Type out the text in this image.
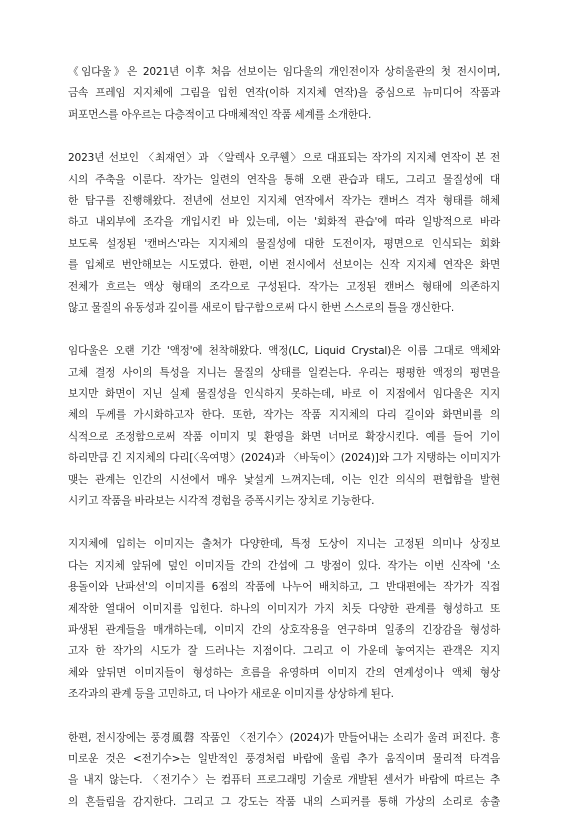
《임다울》은 2021년 이후 처음 선보이는 임다울의 개인전이자 상히울관의 첫 전시이며,
금속 프레임 지지체에 그림을 입힌 연작(이하 지지체 연작)을 중심으로 뉴미디어 작품과
퍼포먼스를 아우르는 다층적이고 다매체적인 작품 세계를 소개한다.
2023년 선보인 〈최재연〉과 〈알렉사 오쿠웰〉으로 대표되는 작가의 지지체 연작이 본 전
시의 주축을 이룬다. 작가는 일련의 연작을 통해 오랜 관습과 태도, 그리고 물질성에 대
한 탐구를 진행해왔다. 전년에 선보인 지지체 연작에서 작가는 캔버스 격자 형태를 해체
하고 내외부에 조각을 개입시킨 바 있는데, 이는 '회화적 관습'에 따라 일방적으로 바라
보도록 설정된 '캔버스'라는 지지체의 물질성에 대한 도전이자, 평면으로 인식되는 회화
를 입체로 번안해보는 시도였다. 한편, 이번 전시에서 선보이는 신작 지지체 연작은 화면
전체가 흐르는 액상 형태의 조각으로 구성된다. 작가는 고정된 캔버스 형태에 의존하지
않고 물질의 유동성과 깊이를 새로이 탐구함으로써 다시 한번 스스로의 틀을 갱신한다.
임다울은 오랜 기간 '액정'에 천착해왔다. 액정(LC, Liquid Crystal)은 이름 그대로 액체와
고체 결정 사이의 특성을 지니는 물질의 상태를 일컫는다. 우리는 평평한 액정의 평면을
보지만 화면이 지닌 실제 물질성을 인식하지 못하는데, 바로 이 지점에서 임다울은 지지
체의 두께를 가시화하고자 한다. 또한, 작가는 작품 지지체의 다리 길이와 화면비를 의
식적으로 조정함으로써 작품 이미지 및 환영을 화면 너머로 확장시킨다. 예를 들어 기이
하리만큼 긴 지지체의 다리[〈옥여명〉(2024)과 〈바둑이〉(2024)]와 그가 지탱하는 이미지가
맺는 관계는 인간의 시선에서 매우 낯설게 느껴지는데, 이는 인간 의식의 편협함을 발현
시키고 작품을 바라보는 시각적 경험을 증폭시키는 장치로 기능한다.
지지체에 입히는 이미지는 출처가 다양한데, 특정 도상이 지니는 고정된 의미나 상징보
다는 지지체 앞뒤에 덮인 이미지들 간의 간섭에 그 방점이 있다. 작가는 이번 신작에 '소
용돌이와 난파선'의 이미지를 6점의 작품에 나누어 배치하고, 그 반대편에는 작가가 직접
제작한 열대어 이미지를 입힌다. 하나의 이미지가 가지 치듯 다양한 관계를 형성하고 또
파생된 관계들을 매개하는데, 이미지 간의 상호작용을 연구하며 일종의 긴장감을 형성하
고자 한 작가의 시도가 잘 드러나는 지점이다. 그리고 이 가운데 놓여지는 관객은 지지
체와 앞뒤면 이미지들이 형성하는 흐름을 유영하며 이미지 간의 연계성이나 액체 형상
조각과의 관계 등을 고민하고, 더 나아가 새로운 이미지를 상상하게 된다.
한편, 전시장에는 풍경風磬 작품인 〈전기수〉(2024)가 만들어내는 소리가 울려 퍼진다. 흥
미로운 것은 <전기수>는 일반적인 풍경처럼 바람에 울림 추가 움직이며 물리적 타격음
을 내지 않는다. 〈전기수〉는 컴퓨터 프로그래밍 기술로 개발된 센서가 바람에 따르는 추
의 흔들림을 감지한다. 그리고 그 강도는 작품 내의 스피커를 통해 가상의 소리로 송출
